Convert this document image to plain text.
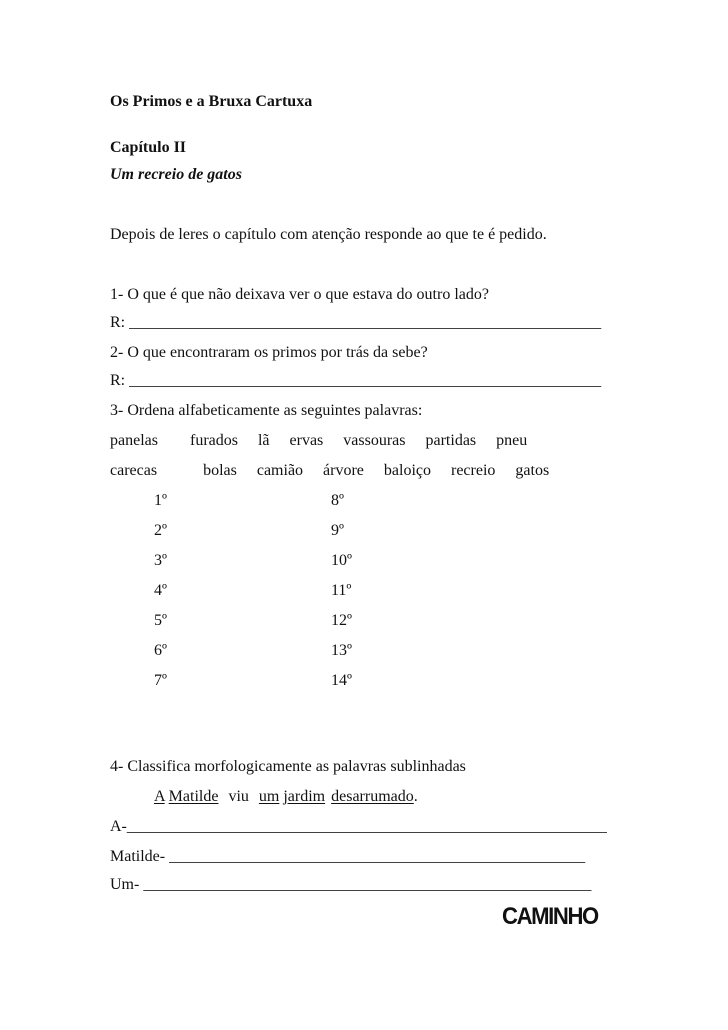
Os Primos e a Bruxa Cartuxa
Capítulo II
Um recreio de gatos
Depois de leres o capítulo com atenção responde ao que te é pedido.
1- O que é que não deixava ver o que estava do outro lado?
R: ___________________________________________________________
2- O que encontraram os primos por trás da sebe?
R: ___________________________________________________________
3- Ordena alfabeticamente as seguintes palavras:
panelas furados lã ervas vassouras partidas pneu
carecas	bolas camião árvore baloiço recreio gatos
1º
2º
3º
4º
5º
6º
7º
8º
9º
10º
11º
12º
13º
14º
4- Classifica morfologicamente as palavras sublinhadas
A Matilde viu um jardim desarrumado.
A-____________________________________________________________
Matilde- ____________________________________________________
Um- ________________________________________________________
CAMINHO
